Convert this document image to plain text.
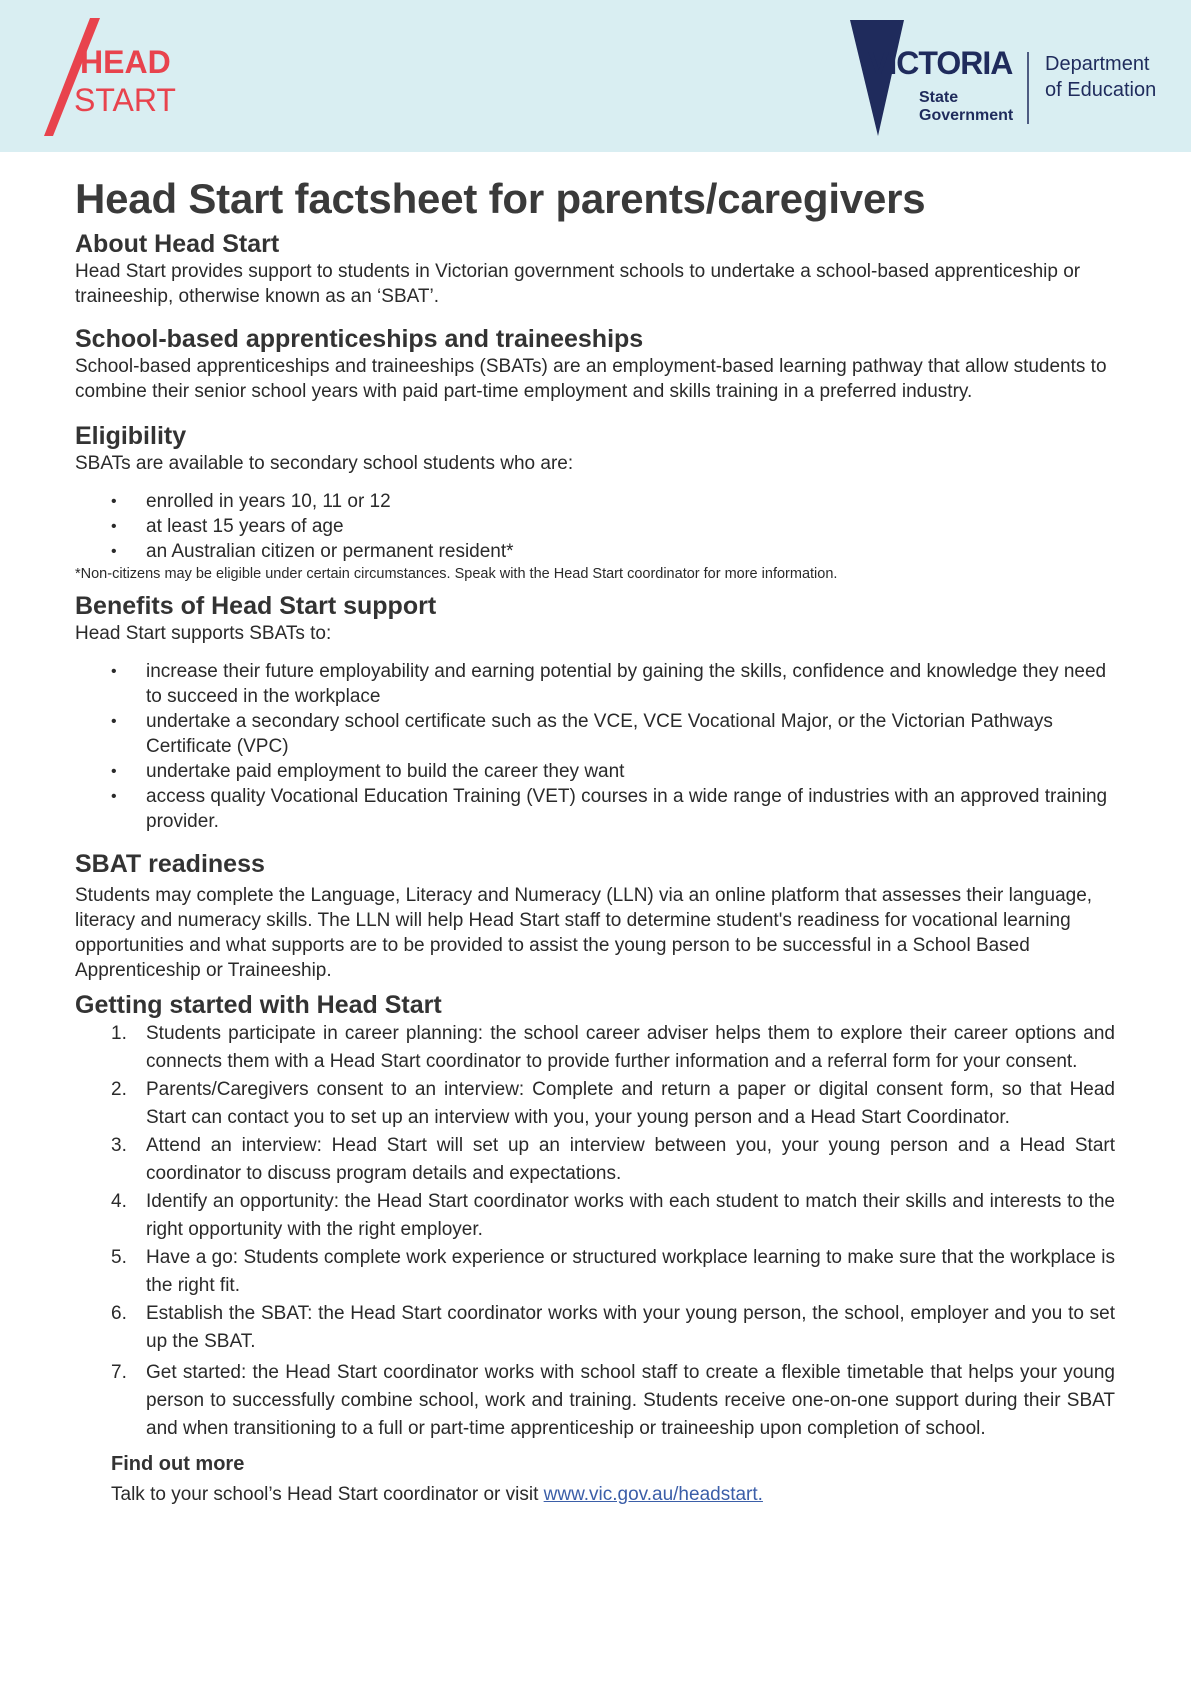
HEAD
START
VICTORIA
State
Government
Department
of Education
Head Start factsheet for parents/caregivers
About Head Start

Head Start provides support to students in Victorian government schools to undertake a school-based apprenticeship or traineeship, otherwise known as an ‘SBAT’.

School-based apprenticeships and traineeships

School-based apprenticeships and traineeships (SBATs) are an employment-based learning pathway that allow students to combine their senior school years with paid part-time employment and skills training in a preferred industry.

Eligibility

SBATs are available to secondary school students who are:

• enrolled in years 10, 11 or 12
• at least 15 years of age
• an Australian citizen or permanent resident*
*Non-citizens may be eligible under certain circumstances. Speak with the Head Start coordinator for more information.
Benefits of Head Start support

Head Start supports SBATs to:

• increase their future employability and earning potential by gaining the skills, confidence and knowledge they need to succeed in the workplace
• undertake a secondary school certificate such as the VCE, VCE Vocational Major, or the Victorian Pathways Certificate (VPC)
• undertake paid employment to build the career they want
• access quality Vocational Education Training (VET) courses in a wide range of industries with an approved training provider.
SBAT readiness

Students may complete the Language, Literacy and Numeracy (LLN) via an online platform that assesses their language, literacy and numeracy skills. The LLN will help Head Start staff to determine student's readiness for vocational learning opportunities and what supports are to be provided to assist the young person to be successful in a School Based Apprenticeship or Traineeship.

Getting started with Head Start
1. Students participate in career planning: the school career adviser helps them to explore their career options and connects them with a Head Start coordinator to provide further information and a referral form for your consent.
2. Parents/Caregivers consent to an interview: Complete and return a paper or digital consent form, so that Head Start can contact you to set up an interview with you, your young person and a Head Start Coordinator.
3. Attend an interview: Head Start will set up an interview between you, your young person and a Head Start coordinator to discuss program details and expectations.
4. Identify an opportunity: the Head Start coordinator works with each student to match their skills and interests to the right opportunity with the right employer.
5. Have a go: Students complete work experience or structured workplace learning to make sure that the workplace is the right fit.
6. Establish the SBAT: the Head Start coordinator works with your young person, the school, employer and you to set up the SBAT.
7. Get started: the Head Start coordinator works with school staff to create a flexible timetable that helps your young person to successfully combine school, work and training. Students receive one-on-one support during their SBAT and when transitioning to a full or part-time apprenticeship or traineeship upon completion of school.
Find out more
Talk to your school’s Head Start coordinator or visit www.vic.gov.au/headstart.
